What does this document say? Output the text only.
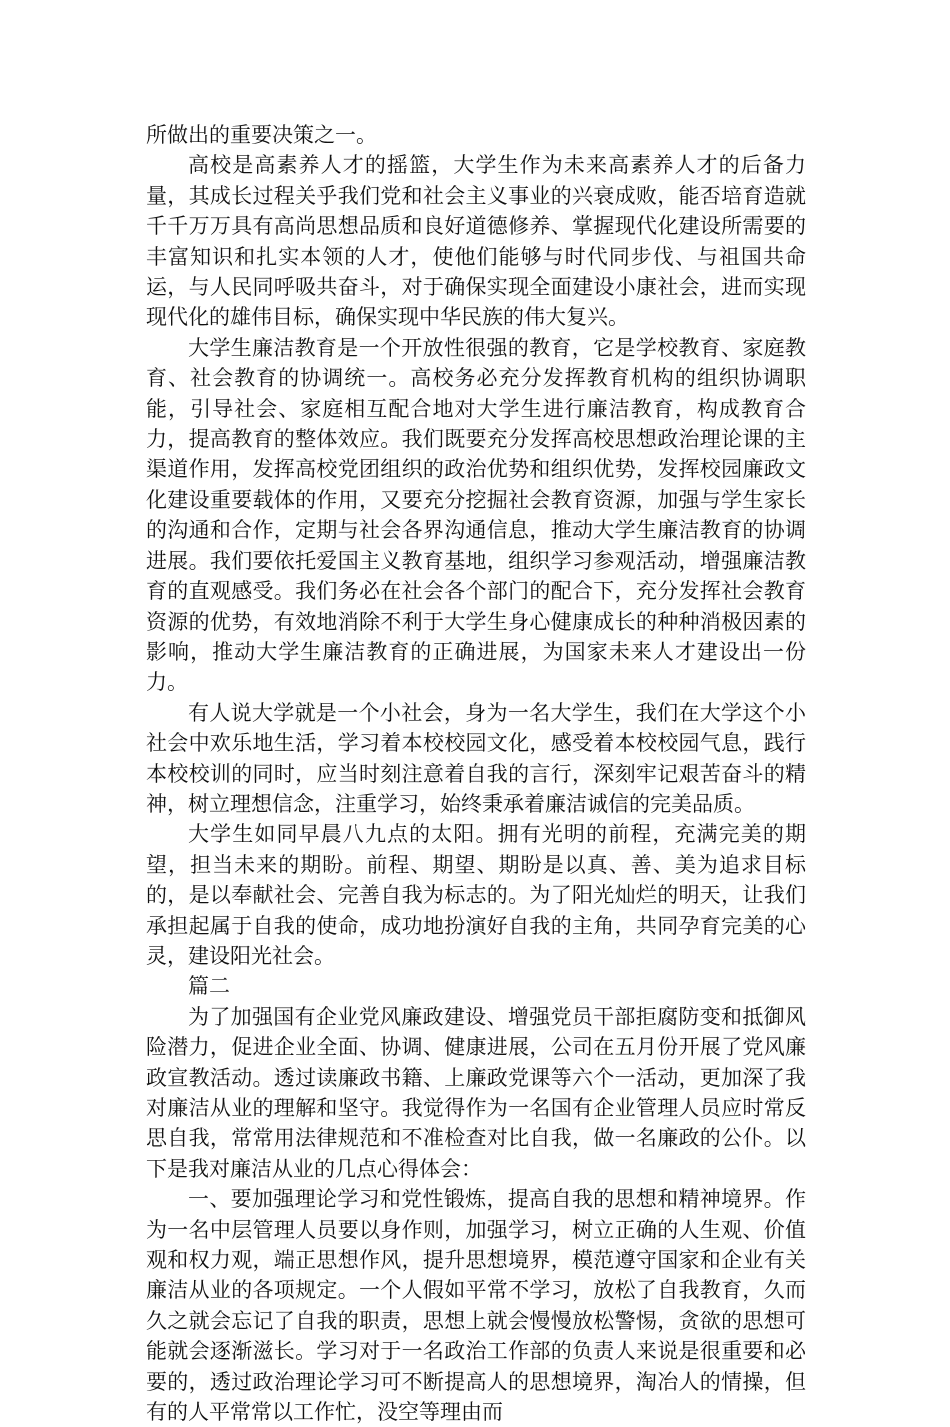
所做出的重要决策之一。

高校是高素养人才的摇篮，大学生作为未来高素养人才的后备力量，其成长过程关乎我们党和社会主义事业的兴衰成败，能否培育造就千千万万具有高尚思想品质和良好道德修养、掌握现代化建设所需要的丰富知识和扎实本领的人才，使他们能够与时代同步伐、与祖国共命运，与人民同呼吸共奋斗，对于确保实现全面建设小康社会，进而实现现代化的雄伟目标，确保实现中华民族的伟大复兴。

大学生廉洁教育是一个开放性很强的教育，它是学校教育、家庭教育、社会教育的协调统一。高校务必充分发挥教育机构的组织协调职能，引导社会、家庭相互配合地对大学生进行廉洁教育，构成教育合力，提高教育的整体效应。我们既要充分发挥高校思想政治理论课的主渠道作用，发挥高校党团组织的政治优势和组织优势，发挥校园廉政文化建设重要载体的作用，又要充分挖掘社会教育资源，加强与学生家长的沟通和合作，定期与社会各界沟通信息，推动大学生廉洁教育的协调进展。我们要依托爱国主义教育基地，组织学习参观活动，增强廉洁教育的直观感受。我们务必在社会各个部门的配合下，充分发挥社会教育资源的优势，有效地消除不利于大学生身心健康成长的种种消极因素的影响，推动大学生廉洁教育的正确进展，为国家未来人才建设出一份力。

有人说大学就是一个小社会，身为一名大学生，我们在大学这个小社会中欢乐地生活，学习着本校校园文化，感受着本校校园气息，践行本校校训的同时，应当时刻注意着自我的言行，深刻牢记艰苦奋斗的精神，树立理想信念，注重学习，始终秉承着廉洁诚信的完美品质。

大学生如同早晨八九点的太阳。拥有光明的前程，充满完美的期望，担当未来的期盼。前程、期望、期盼是以真、善、美为追求目标的，是以奉献社会、完善自我为标志的。为了阳光灿烂的明天，让我们承担起属于自我的使命，成功地扮演好自我的主角，共同孕育完美的心灵，建设阳光社会。

篇二

为了加强国有企业党风廉政建设、增强党员干部拒腐防变和抵御风险潜力，促进企业全面、协调、健康进展，公司在五月份开展了党风廉政宣教活动。透过读廉政书籍、上廉政党课等六个一活动，更加深了我对廉洁从业的理解和坚守。我觉得作为一名国有企业管理人员应时常反思自我，常常用法律规范和不准检查对比自我，做一名廉政的公仆。以下是我对廉洁从业的几点心得体会：

一、要加强理论学习和党性锻炼，提高自我的思想和精神境界。作为一名中层管理人员要以身作则，加强学习，树立正确的人生观、价值观和权力观，端正思想作风，提升思想境界，模范遵守国家和企业有关廉洁从业的各项规定。一个人假如平常不学习，放松了自我教育，久而久之就会忘记了自我的职责，思想上就会慢慢放松警惕，贪欲的思想可能就会逐渐滋长。学习对于一名政治工作部的负责人来说是很重要和必要的，透过政治理论学习可不断提高人的思想境界，淘冶人的情操，但有的人平常常以工作忙，没空等理由而
